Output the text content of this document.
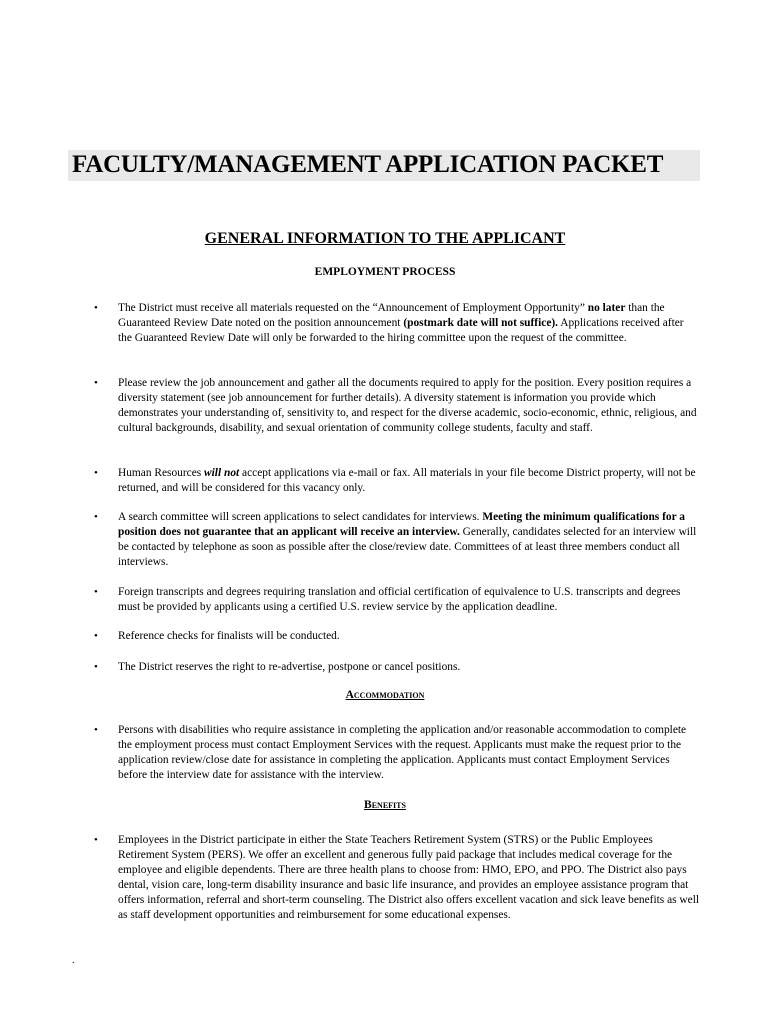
FACULTY/MANAGEMENT APPLICATION PACKET
GENERAL INFORMATION TO THE APPLICANT
EMPLOYMENT PROCESS
• The District must receive all materials requested on the “Announcement of Employment Opportunity” no later than the Guaranteed Review Date noted on the position announcement (postmark date will not suffice). Applications received after the Guaranteed Review Date will only be forwarded to the hiring committee upon the request of the committee.
• Please review the job announcement and gather all the documents required to apply for the position. Every position requires a diversity statement (see job announcement for further details). A diversity statement is information you provide which demonstrates your understanding of, sensitivity to, and respect for the diverse academic, socio-economic, ethnic, religious, and cultural backgrounds, disability, and sexual orientation of community college students, faculty and staff.
• Human Resources will not accept applications via e-mail or fax. All materials in your file become District property, will not be returned, and will be considered for this vacancy only.
• A search committee will screen applications to select candidates for interviews. Meeting the minimum qualifications for a position does not guarantee that an applicant will receive an interview. Generally, candidates selected for an interview will be contacted by telephone as soon as possible after the close/review date. Committees of at least three members conduct all interviews.
• Foreign transcripts and degrees requiring translation and official certification of equivalence to U.S. transcripts and degrees must be provided by applicants using a certified U.S. review service by the application deadline.
• Reference checks for finalists will be conducted.
• The District reserves the right to re-advertise, postpone or cancel positions.
Accommodation
• Persons with disabilities who require assistance in completing the application and/or reasonable accommodation to complete the employment process must contact Employment Services with the request. Applicants must make the request prior to the application review/close date for assistance in completing the application. Applicants must contact Employment Services before the interview date for assistance with the interview.
Benefits
• Employees in the District participate in either the State Teachers Retirement System (STRS) or the Public Employees Retirement System (PERS). We offer an excellent and generous fully paid package that includes medical coverage for the employee and eligible dependents. There are three health plans to choose from: HMO, EPO, and PPO. The District also pays dental, vision care, long-term disability insurance and basic life insurance, and provides an employee assistance program that offers information, referral and short-term counseling. The District also offers excellent vacation and sick leave benefits as well as staff development opportunities and reimbursement for some educational expenses.
.
